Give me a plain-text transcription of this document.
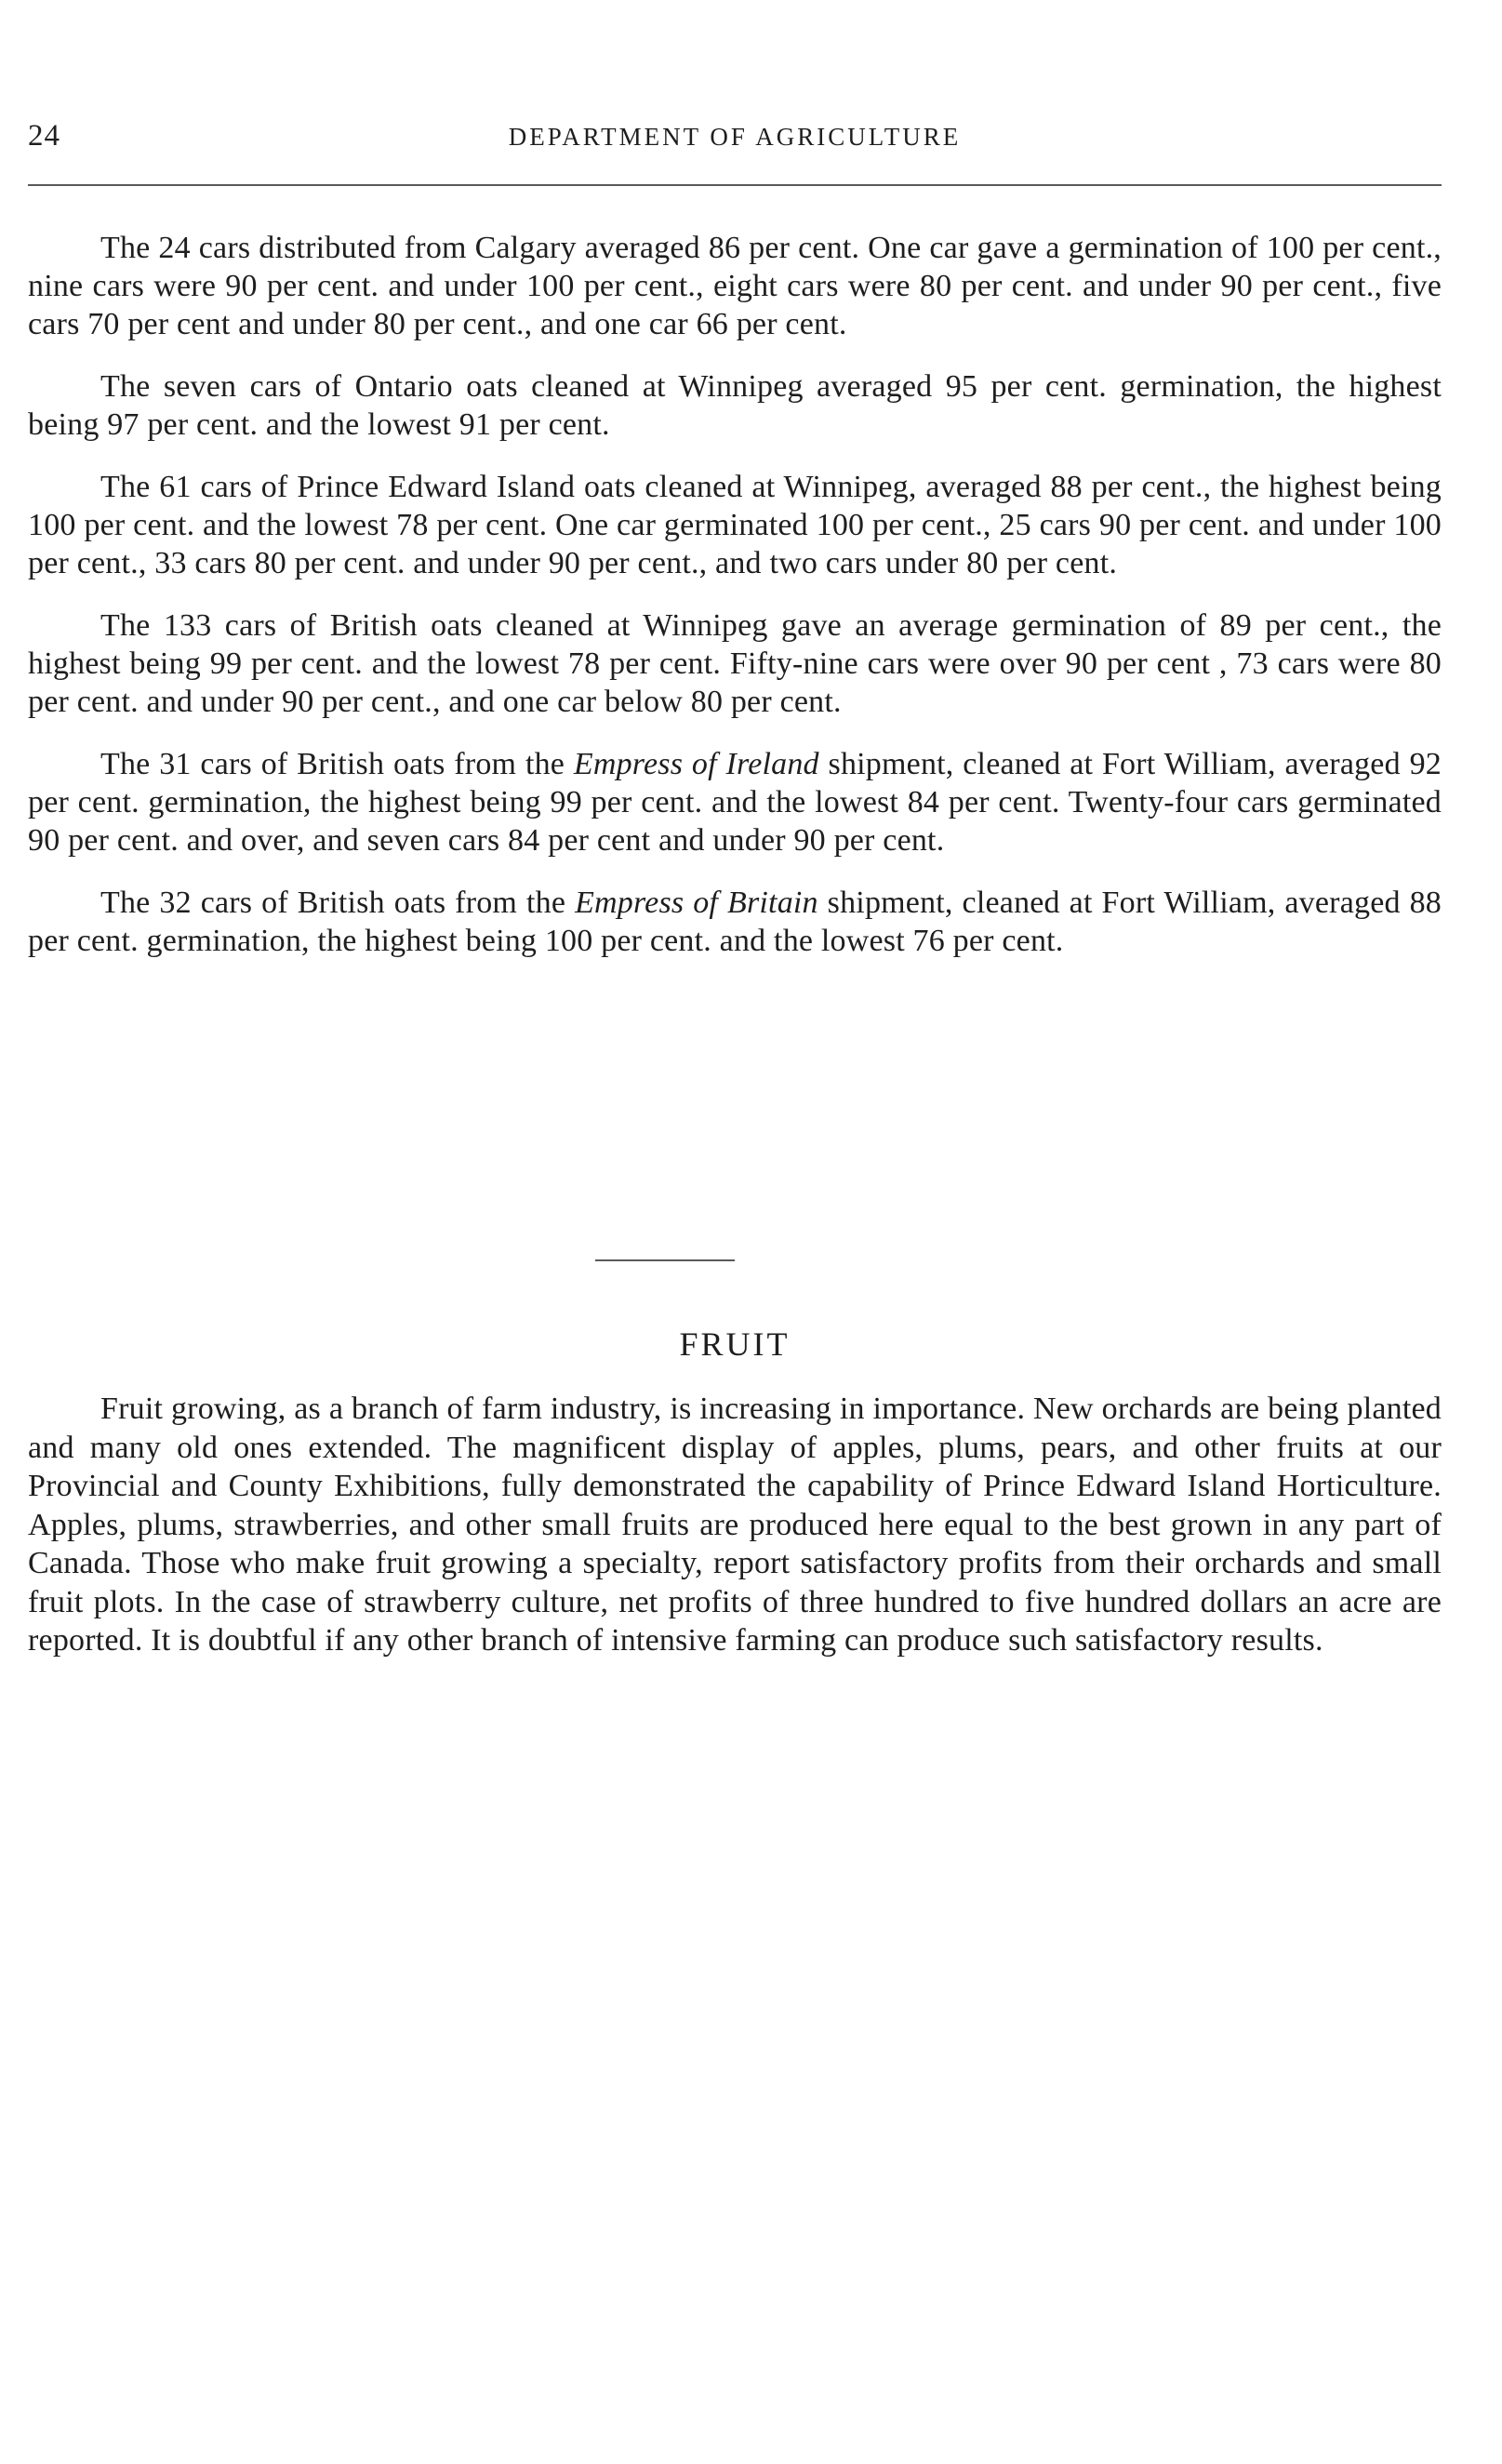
24	DEPARTMENT OF AGRICULTURE

The 24 cars distributed from Calgary averaged 86 per cent. One car gave a germination of 100 per cent., nine cars were 90 per cent. and under 100 per cent., eight cars were 80 per cent. and under 90 per cent., five cars 70 per cent and under 80 per cent., and one car 66 per cent.

The seven cars of Ontario oats cleaned at Winnipeg averaged 95 per cent. germination, the highest being 97 per cent. and the lowest 91 per cent.

The 61 cars of Prince Edward Island oats cleaned at Winnipeg, averaged 88 per cent., the highest being 100 per cent. and the lowest 78 per cent. One car germinated 100 per cent., 25 cars 90 per cent. and under 100 per cent., 33 cars 80 per cent. and under 90 per cent., and two cars under 80 per cent.

The 133 cars of British oats cleaned at Winnipeg gave an average germination of 89 per cent., the highest being 99 per cent. and the lowest 78 per cent. Fifty-nine cars were over 90 per cent , 73 cars were 80 per cent. and under 90 per cent., and one car below 80 per cent.

The 31 cars of British oats from the Empress of Ireland shipment, cleaned at Fort William, averaged 92 per cent. germination, the highest being 99 per cent. and the lowest 84 per cent. Twenty-four cars germinated 90 per cent. and over, and seven cars 84 per cent and under 90 per cent.

The 32 cars of British oats from the Empress of Britain shipment, cleaned at Fort William, averaged 88 per cent. germination, the highest being 100 per cent. and the lowest 76 per cent.

FRUIT

Fruit growing, as a branch of farm industry, is increasing in importance. New orchards are being planted and many old ones extended. The magnificent display of apples, plums, pears, and other fruits at our Provincial and County Exhibitions, fully demonstrated the capability of Prince Edward Island Horticulture. Apples, plums, strawberries, and other small fruits are produced here equal to the best grown in any part of Canada. Those who make fruit growing a specialty, report satisfactory profits from their orchards and small fruit plots. In the case of strawberry culture, net profits of three hundred to five hundred dollars an acre are reported. It is doubtful if any other branch of intensive farming can produce such satisfactory results.
